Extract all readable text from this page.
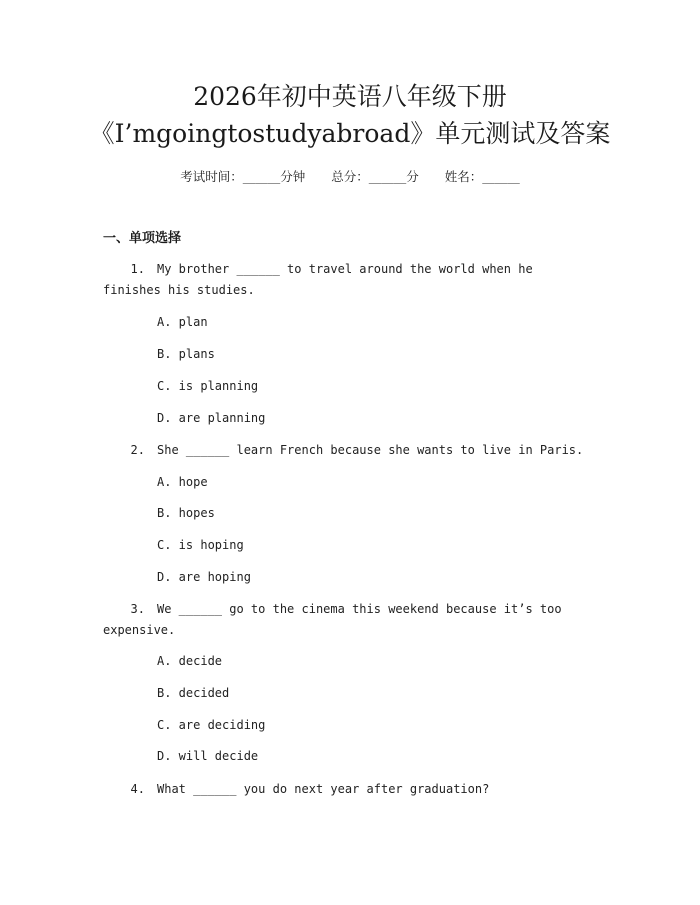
2026年初中英语八年级下册
《I’mgoingtostudyabroad》单元测试及答案
考试时间：______分钟 总分：______分 姓名：______
一、单项选择
1. My brother ______ to travel around the world when he finishes his studies.
A. plan
B. plans
C. is planning
D. are planning
2. She ______ learn French because she wants to live in Paris.
A. hope
B. hopes
C. is hoping
D. are hoping
3. We ______ go to the cinema this weekend because it’s too expensive.
A. decide
B. decided
C. are deciding
D. will decide
4. What ______ you do next year after graduation?
